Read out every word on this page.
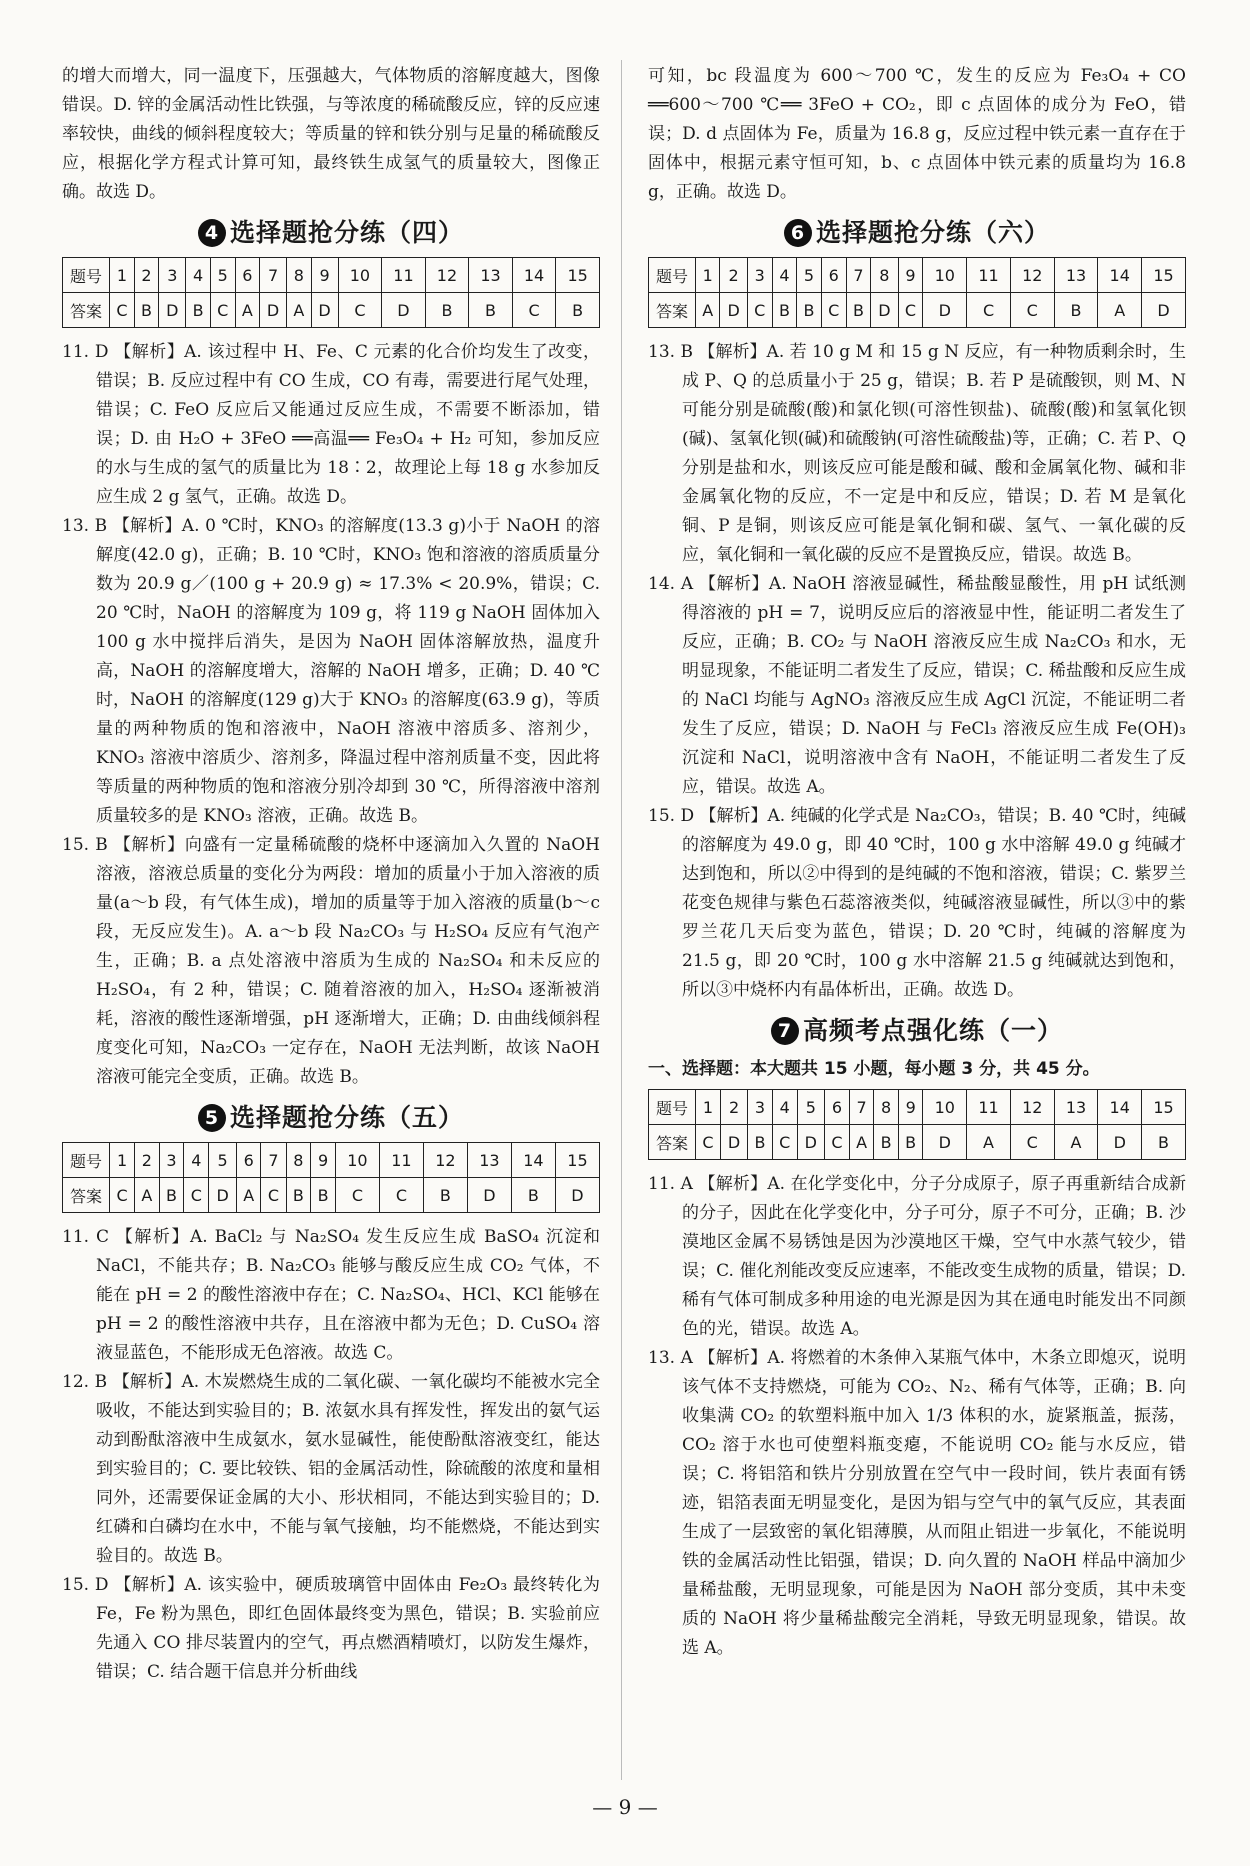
的增大而增大，同一温度下，压强越大，气体物质的溶解度越大，图像错误。D. 锌的金属活动性比铁强，与等浓度的稀硫酸反应，锌的反应速率较快，曲线的倾斜程度较大；等质量的锌和铁分别与足量的稀硫酸反应，根据化学方程式计算可知，最终铁生成氢气的质量较大，图像正确。故选 D。

4 选择题抢分练（四）
题号	1	2	3	4	5	6	7	8	9	10	11	12	13	14	15
答案	C	B	D	B	C	A	D	A	D	C	D	B	B	C	B

11. D 【解析】A. 该过程中 H、Fe、C 元素的化合价均发生了改变，错误；B. 反应过程中有 CO 生成，CO 有毒，需要进行尾气处理，错误；C. FeO 反应后又能通过反应生成，不需要不断添加，错误；D. 由 H₂O + 3FeO ══高温══ Fe₃O₄ + H₂ 可知，参加反应的水与生成的氢气的质量比为 18∶2，故理论上每 18 g 水参加反应生成 2 g 氢气，正确。故选 D。

13. B 【解析】A. 0 ℃时，KNO₃ 的溶解度(13.3 g)小于 NaOH 的溶解度(42.0 g)，正确；B. 10 ℃时，KNO₃ 饱和溶液的溶质质量分数为 20.9 g／(100 g + 20.9 g) ≈ 17.3% < 20.9%，错误；C. 20 ℃时，NaOH 的溶解度为 109 g，将 119 g NaOH 固体加入 100 g 水中搅拌后消失，是因为 NaOH 固体溶解放热，温度升高，NaOH 的溶解度增大，溶解的 NaOH 增多，正确；D. 40 ℃时，NaOH 的溶解度(129 g)大于 KNO₃ 的溶解度(63.9 g)，等质量的两种物质的饱和溶液中，NaOH 溶液中溶质多、溶剂少，KNO₃ 溶液中溶质少、溶剂多，降温过程中溶剂质量不变，因此将等质量的两种物质的饱和溶液分别冷却到 30 ℃，所得溶液中溶剂质量较多的是 KNO₃ 溶液，正确。故选 B。

15. B 【解析】向盛有一定量稀硫酸的烧杯中逐滴加入久置的 NaOH 溶液，溶液总质量的变化分为两段：增加的质量小于加入溶液的质量(a～b 段，有气体生成)，增加的质量等于加入溶液的质量(b～c 段，无反应发生)。A. a～b 段 Na₂CO₃ 与 H₂SO₄ 反应有气泡产生，正确；B. a 点处溶液中溶质为生成的 Na₂SO₄ 和未反应的 H₂SO₄，有 2 种，错误；C. 随着溶液的加入，H₂SO₄ 逐渐被消耗，溶液的酸性逐渐增强，pH 逐渐增大，正确；D. 由曲线倾斜程度变化可知，Na₂CO₃ 一定存在，NaOH 无法判断，故该 NaOH 溶液可能完全变质，正确。故选 B。

5 选择题抢分练（五）
题号	1	2	3	4	5	6	7	8	9	10	11	12	13	14	15
答案	C	A	B	C	D	A	C	B	B	C	C	B	D	B	D

11. C 【解析】A. BaCl₂ 与 Na₂SO₄ 发生反应生成 BaSO₄ 沉淀和 NaCl，不能共存；B. Na₂CO₃ 能够与酸反应生成 CO₂ 气体，不能在 pH = 2 的酸性溶液中存在；C. Na₂SO₄、HCl、KCl 能够在 pH = 2 的酸性溶液中共存，且在溶液中都为无色；D. CuSO₄ 溶液显蓝色，不能形成无色溶液。故选 C。

12. B 【解析】A. 木炭燃烧生成的二氧化碳、一氧化碳均不能被水完全吸收，不能达到实验目的；B. 浓氨水具有挥发性，挥发出的氨气运动到酚酞溶液中生成氨水，氨水显碱性，能使酚酞溶液变红，能达到实验目的；C. 要比较铁、铝的金属活动性，除硫酸的浓度和量相同外，还需要保证金属的大小、形状相同，不能达到实验目的；D. 红磷和白磷均在水中，不能与氧气接触，均不能燃烧，不能达到实验目的。故选 B。

15. D 【解析】A. 该实验中，硬质玻璃管中固体由 Fe₂O₃ 最终转化为 Fe，Fe 粉为黑色，即红色固体最终变为黑色，错误；B. 实验前应先通入 CO 排尽装置内的空气，再点燃酒精喷灯，以防发生爆炸，错误；C. 结合题干信息并分析曲线

可知，bc 段温度为 600～700 ℃，发生的反应为 Fe₃O₄ + CO ══600～700 ℃══ 3FeO + CO₂，即 c 点固体的成分为 FeO，错误；D. d 点固体为 Fe，质量为 16.8 g，反应过程中铁元素一直存在于固体中，根据元素守恒可知，b、c 点固体中铁元素的质量均为 16.8 g，正确。故选 D。

6 选择题抢分练（六）
题号	1	2	3	4	5	6	7	8	9	10	11	12	13	14	15
答案	A	D	C	B	B	C	B	D	C	D	C	C	B	A	D

13. B 【解析】A. 若 10 g M 和 15 g N 反应，有一种物质剩余时，生成 P、Q 的总质量小于 25 g，错误；B. 若 P 是硫酸钡，则 M、N 可能分别是硫酸(酸)和氯化钡(可溶性钡盐)、硫酸(酸)和氢氧化钡(碱)、氢氧化钡(碱)和硫酸钠(可溶性硫酸盐)等，正确；C. 若 P、Q 分别是盐和水，则该反应可能是酸和碱、酸和金属氧化物、碱和非金属氧化物的反应，不一定是中和反应，错误；D. 若 M 是氧化铜、P 是铜，则该反应可能是氧化铜和碳、氢气、一氧化碳的反应，氧化铜和一氧化碳的反应不是置换反应，错误。故选 B。

14. A 【解析】A. NaOH 溶液显碱性，稀盐酸显酸性，用 pH 试纸测得溶液的 pH = 7，说明反应后的溶液显中性，能证明二者发生了反应，正确；B. CO₂ 与 NaOH 溶液反应生成 Na₂CO₃ 和水，无明显现象，不能证明二者发生了反应，错误；C. 稀盐酸和反应生成的 NaCl 均能与 AgNO₃ 溶液反应生成 AgCl 沉淀，不能证明二者发生了反应，错误；D. NaOH 与 FeCl₃ 溶液反应生成 Fe(OH)₃ 沉淀和 NaCl，说明溶液中含有 NaOH，不能证明二者发生了反应，错误。故选 A。

15. D 【解析】A. 纯碱的化学式是 Na₂CO₃，错误；B. 40 ℃时，纯碱的溶解度为 49.0 g，即 40 ℃时，100 g 水中溶解 49.0 g 纯碱才达到饱和，所以②中得到的是纯碱的不饱和溶液，错误；C. 紫罗兰花变色规律与紫色石蕊溶液类似，纯碱溶液显碱性，所以③中的紫罗兰花几天后变为蓝色，错误；D. 20 ℃时，纯碱的溶解度为 21.5 g，即 20 ℃时，100 g 水中溶解 21.5 g 纯碱就达到饱和，所以③中烧杯内有晶体析出，正确。故选 D。

7 高频考点强化练（一）

一、选择题：本大题共 15 小题，每小题 3 分，共 45 分。

题号	1	2	3	4	5	6	7	8	9	10	11	12	13	14	15
答案	C	D	B	C	D	C	A	B	B	D	A	C	A	D	B

11. A 【解析】A. 在化学变化中，分子分成原子，原子再重新结合成新的分子，因此在化学变化中，分子可分，原子不可分，正确；B. 沙漠地区金属不易锈蚀是因为沙漠地区干燥，空气中水蒸气较少，错误；C. 催化剂能改变反应速率，不能改变生成物的质量，错误；D. 稀有气体可制成多种用途的电光源是因为其在通电时能发出不同颜色的光，错误。故选 A。

13. A 【解析】A. 将燃着的木条伸入某瓶气体中，木条立即熄灭，说明该气体不支持燃烧，可能为 CO₂、N₂、稀有气体等，正确；B. 向收集满 CO₂ 的软塑料瓶中加入 1/3 体积的水，旋紧瓶盖，振荡，CO₂ 溶于水也可使塑料瓶变瘪，不能说明 CO₂ 能与水反应，错误；C. 将铝箔和铁片分别放置在空气中一段时间，铁片表面有锈迹，铝箔表面无明显变化，是因为铝与空气中的氧气反应，其表面生成了一层致密的氧化铝薄膜，从而阻止铝进一步氧化，不能说明铁的金属活动性比铝强，错误；D. 向久置的 NaOH 样品中滴加少量稀盐酸，无明显现象，可能是因为 NaOH 部分变质，其中未变质的 NaOH 将少量稀盐酸完全消耗，导致无明显现象，错误。故选 A。

— 9 —
